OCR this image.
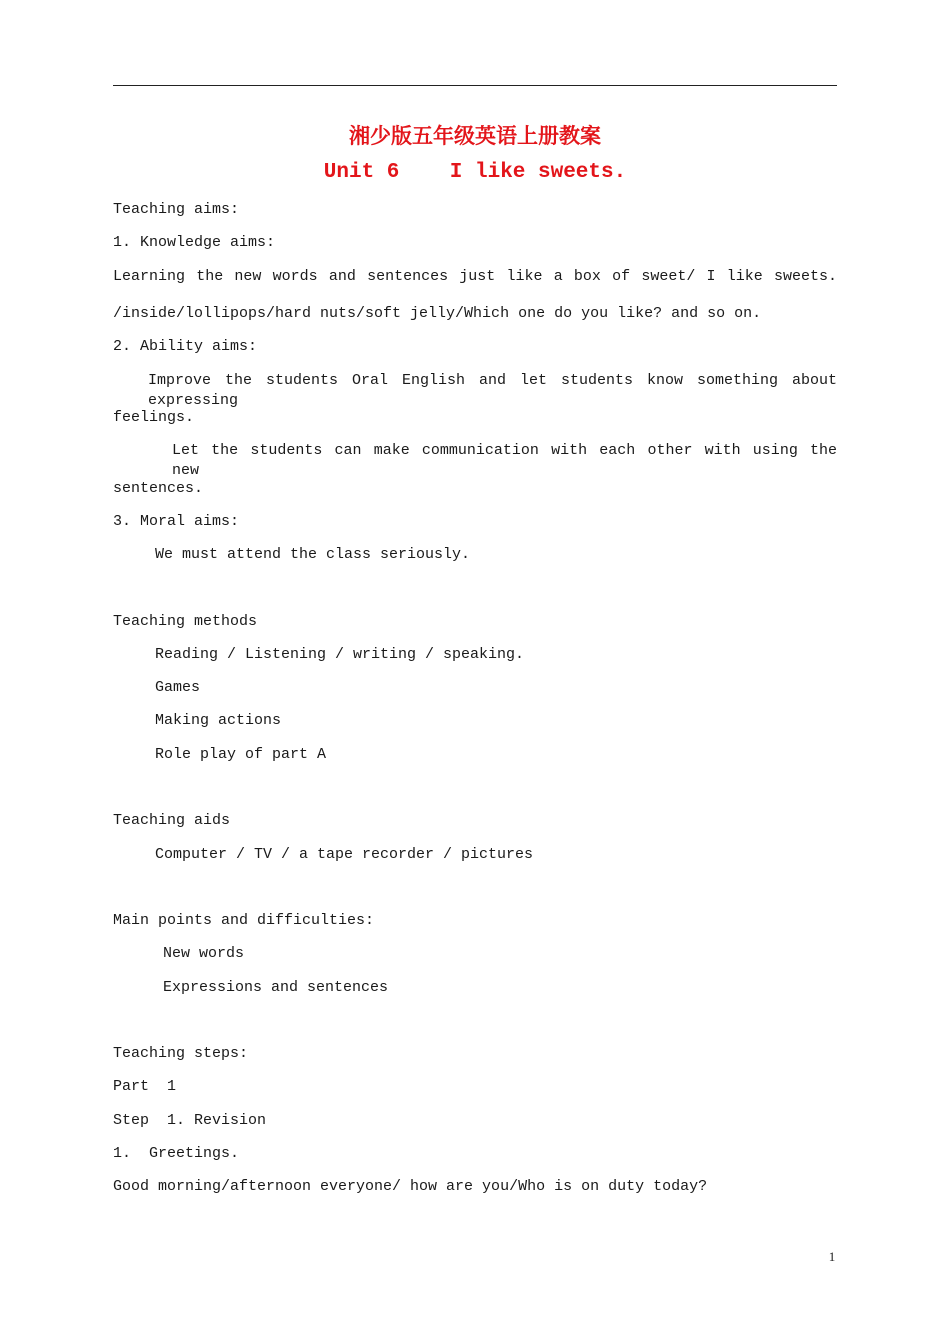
湘少版五年级英语上册教案
Unit 6    I like sweets.
Teaching aims:
1. Knowledge aims:
Learning the new words and sentences just like a box of sweet/ I like sweets.
/inside/lollipops/hard nuts/soft jelly/Which one do you like? and so on.
2. Ability aims:
Improve the students Oral English and let students know something about expressing
feelings.
Let the students can make communication with each other with using the new
sentences.
3. Moral aims:
We must attend the class seriously.
Teaching methods
Reading / Listening / writing / speaking.
Games
Making actions
Role play of part A
Teaching aids
Computer / TV / a tape recorder / pictures
Main points and difficulties:
New words
Expressions and sentences
Teaching steps:
Part  1
Step  1. Revision
1.  Greetings.
Good morning/afternoon everyone/ how are you/Who is on duty today?
1
